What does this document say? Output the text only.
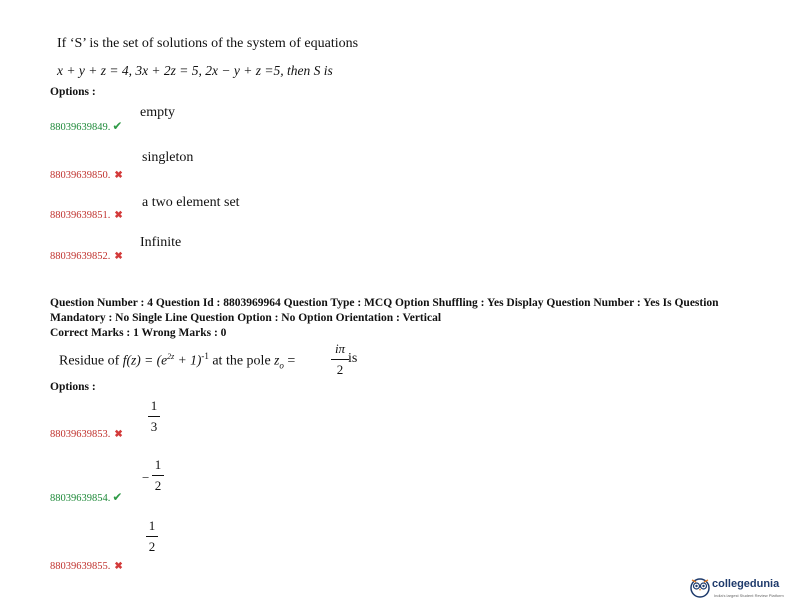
If ‘S’ is the set of solutions of the system of equations
x + y + z = 4, 3x + 2z = 5, 2x − y + z =5, then S is
Options :
88039639849. ✔
empty
88039639850. ✖
singleton
88039639851. ✖
a two element set
88039639852. ✖
Infinite
Question Number : 4 Question Id : 8803969964 Question Type : MCQ Option Shuffling : Yes Display Question Number : Yes Is Question
Mandatory : No Single Line Question Option : No Option Orientation : Vertical
Correct Marks : 1 Wrong Marks : 0
Residue of $f(z) = (e^{2z} + 1)^{-1}$ at the pole $z_o$ =
iπ
2
is
Options :
88039639853. ✖
1
3
88039639854. ✔
−
1
2
88039639855. ✖
1
2
collegedunia
India's largest Student Review Platform
